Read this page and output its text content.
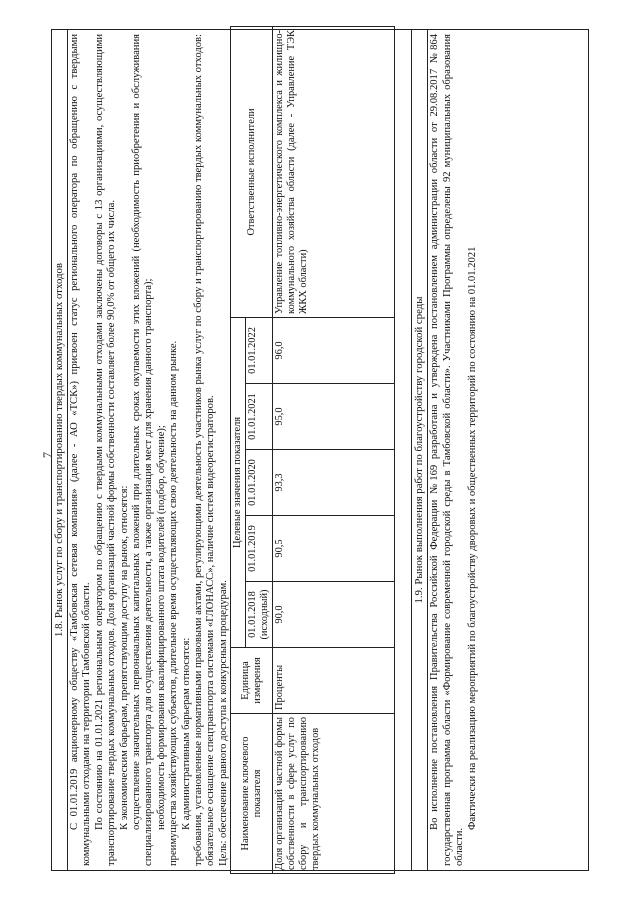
7 1.8. Рынок услуг по сбору и транспортированию твердых коммунальных отходов С 01.01.2019 акционерному обществу «Тамбовская сетевая компания» (далее - АО «ТСК») присвоен статус регионального оператора по обращению с твердыми коммунальными отходами на территории Тамбовской области. По состоянию на 01.01.2021 региональным оператором по обращению с твердыми коммунальными отходами заключены договоры с 13 организациями, осуществляющими транспортирование твердых коммунальных отходов. Доля организаций частной формы собственности составляет более 90,0% от общего их числа. К экономическим барьерам, препятствующим доступу на рынок, относятся: осуществление значительных первоначальных капитальных вложений при длительных сроках окупаемости этих вложений (необходимость приобретения и обслуживания специализированного транспорта для осуществления деятельности, а также организация мест для хранения данного транспорта); необходимость формирования квалифицированного штата водителей (подбор, обучение); преимущества хозяйствующих субъектов, длительное время осуществляющих свою деятельность на данном рынке. К административным барьерам относятся: требования, установленные нормативными правовыми актами, регулирующими деятельность участников рынка услуг по сбору и транспортированию твердых коммунальных отходов: обязательное оснащение спецтранспорта системами «ГЛОНАСС», наличие систем видеорегистраторов. Цель: обеспечение равного доступа к конкурсным процедурам. Наименование ключевого показателя	Единица измерения	Целевые значения показателя					Ответственные исполнители
		01.01.2018 (исходный)	01.01.2019	01.01.2020	01.01.2021	01.01.2022	
Доля организаций частной формы собственности в сфере услуг по сбору и транспортированию твердых коммунальных отходов	Проценты	90,0	90,5	93,3	95,0	96,0	Управление топливно-энергетического комплекса и жилищно-коммунального хозяйства области (далее - Управление ТЭК ЖКХ области)
1.9. Рынок выполнения работ по благоустройству городской среды Во исполнение постановления Правительства Российской Федерации №169 разработана и утверждена постановлением администрации области от 29.08.2017 №864 государственная программа области «Формирование современной городской среды в Тамбовской области». Участниками Программы определены 92 муниципальных образования области.

Фактически на реализацию мероприятий по благоустройству дворовых и общественных территорий по состоянию на 01.01.2021
